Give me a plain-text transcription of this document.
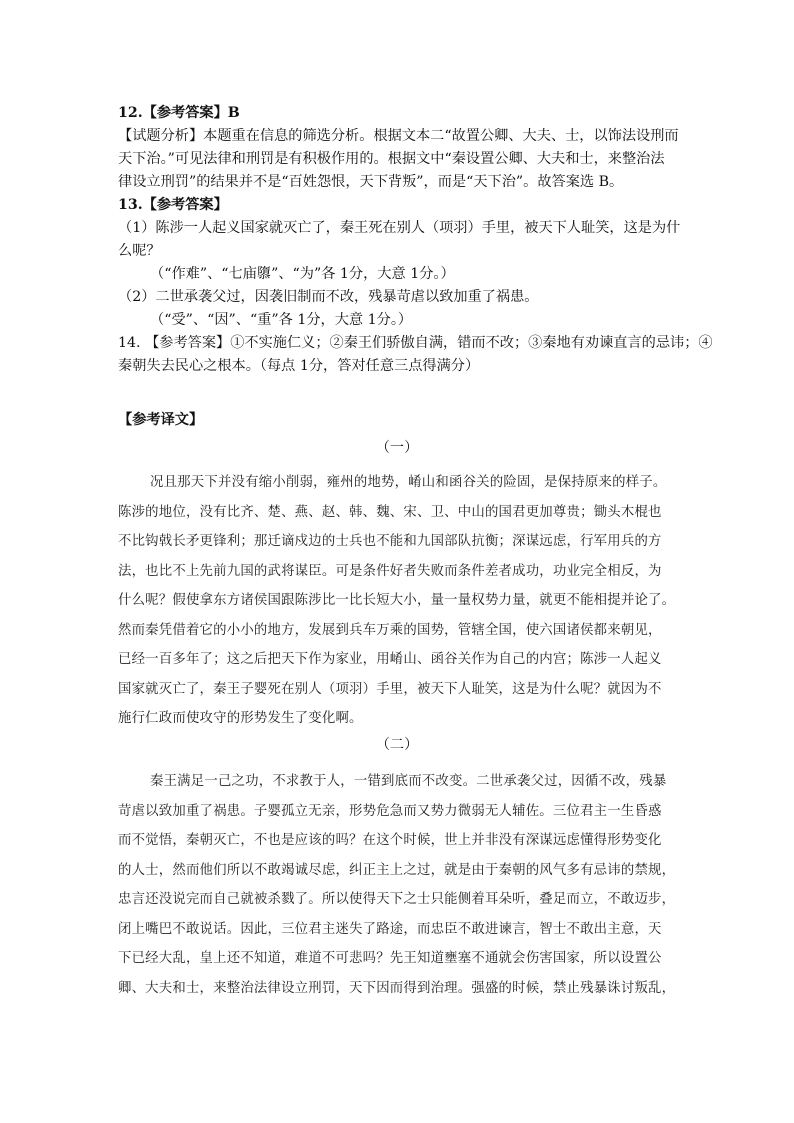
12.【参考答案】B
【试题分析】本题重在信息的筛选分析。根据文本二“故置公卿、大夫、士，以饰法设刑而
天下治。”可见法律和刑罚是有积极作用的。根据文中“秦设置公卿、大夫和士，来整治法
律设立刑罚”的结果并不是“百姓怨恨，天下背叛”，而是“天下治”。故答案选 B。
13.【参考答案】
（1）陈涉一人起义国家就灭亡了，秦王死在别人（项羽）手里，被天下人耻笑，这是为什
么呢？
（“作难”、“七庙隳”、“为”各 1分，大意 1分。）
（2）二世承袭父过，因袭旧制而不改，残暴苛虐以致加重了祸患。
（“受”、“因”、“重”各 1分，大意 1分。）
14. 【参考答案】①不实施仁义；②秦王们骄傲自满，错而不改；③秦地有劝谏直言的忌讳；④
秦朝失去民心之根本。（每点 1分，答对任意三点得满分）
【参考译文】
（一）
况且那天下并没有缩小削弱，雍州的地势，崤山和函谷关的险固，是保持原来的样子。
陈涉的地位，没有比齐、楚、燕、赵、韩、魏、宋、卫、中山的国君更加尊贵；锄头木棍也
不比钩戟长矛更锋利；那迁谪戍边的士兵也不能和九国部队抗衡；深谋远虑，行军用兵的方
法，也比不上先前九国的武将谋臣。可是条件好者失败而条件差者成功，功业完全相反，为
什么呢？假使拿东方诸侯国跟陈涉比一比长短大小，量一量权势力量，就更不能相提并论了。
然而秦凭借着它的小小的地方，发展到兵车万乘的国势，管辖全国，使六国诸侯都来朝见，
已经一百多年了；这之后把天下作为家业，用崤山、函谷关作为自己的内宫；陈涉一人起义
国家就灭亡了，秦王子婴死在别人（项羽）手里，被天下人耻笑，这是为什么呢？就因为不
施行仁政而使攻守的形势发生了变化啊。
（二）
秦王满足一己之功，不求教于人，一错到底而不改变。二世承袭父过，因循不改，残暴
苛虐以致加重了祸患。子婴孤立无亲，形势危急而又势力微弱无人辅佐。三位君主一生昏惑
而不觉悟，秦朝灭亡，不也是应该的吗？在这个时候，世上并非没有深谋远虑懂得形势变化
的人士，然而他们所以不敢竭诚尽虑，纠正主上之过，就是由于秦朝的风气多有忌讳的禁规，
忠言还没说完而自己就被杀戮了。所以使得天下之士只能侧着耳朵听，叠足而立，不敢迈步，
闭上嘴巴不敢说话。因此，三位君主迷失了路途，而忠臣不敢进谏言，智士不敢出主意，天
下已经大乱，皇上还不知道，难道不可悲吗？先王知道壅塞不通就会伤害国家，所以设置公
卿、大夫和士，来整治法律设立刑罚，天下因而得到治理。强盛的时候，禁止残暴诛讨叛乱，
